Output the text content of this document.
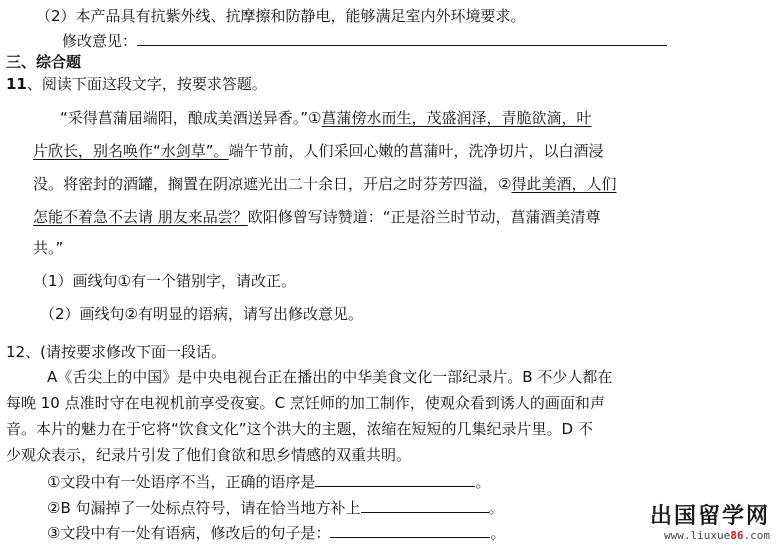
（2）本产品具有抗紫外线、抗摩擦和防静电，能够满足室内外环境要求。
修改意见：
三、综合题
11、阅读下面这段文字，按要求答题。
“采得菖蒲届端阳，酿成美酒送异香。”①菖蒲傍水而生，茂盛润泽，青脆欲滴，叶
片欣长，别名唤作“水剑草”。端午节前，人们采回心嫩的菖蒲叶，洗净切片，以白酒浸
没。将密封的酒罐，搁置在阴凉遮光出二十余日，开启之时芬芳四溢，②得此美酒，人们
怎能不着急不去请 朋友来品尝？欧阳修曾写诗赞道：“正是浴兰时节动，菖蒲酒美清尊
共。”
（1）画线句①有一个错别字，请改正。
（2）画线句②有明显的语病，请写出修改意见。
12、(请按要求修改下面一段话。
A《舌尖上的中国》是中央电视台正在播出的中华美食文化一部纪录片。B 不少人都在
每晚 10 点准时守在电视机前享受夜宴。C 烹饪师的加工制作，使观众看到诱人的画面和声
音。本片的魅力在于它将“饮食文化”这个洪大的主题，浓缩在短短的几集纪录片里。D 不
少观众表示，纪录片引发了他们食欲和思乡情感的双重共明。
①文段中有一处语序不当，正确的语序是	。
②B 句漏掉了一处标点符号，请在恰当地方补上	。
③文段中有一处有语病，修改后的句子是：	。
出国留学网
www.liuxue86.com
